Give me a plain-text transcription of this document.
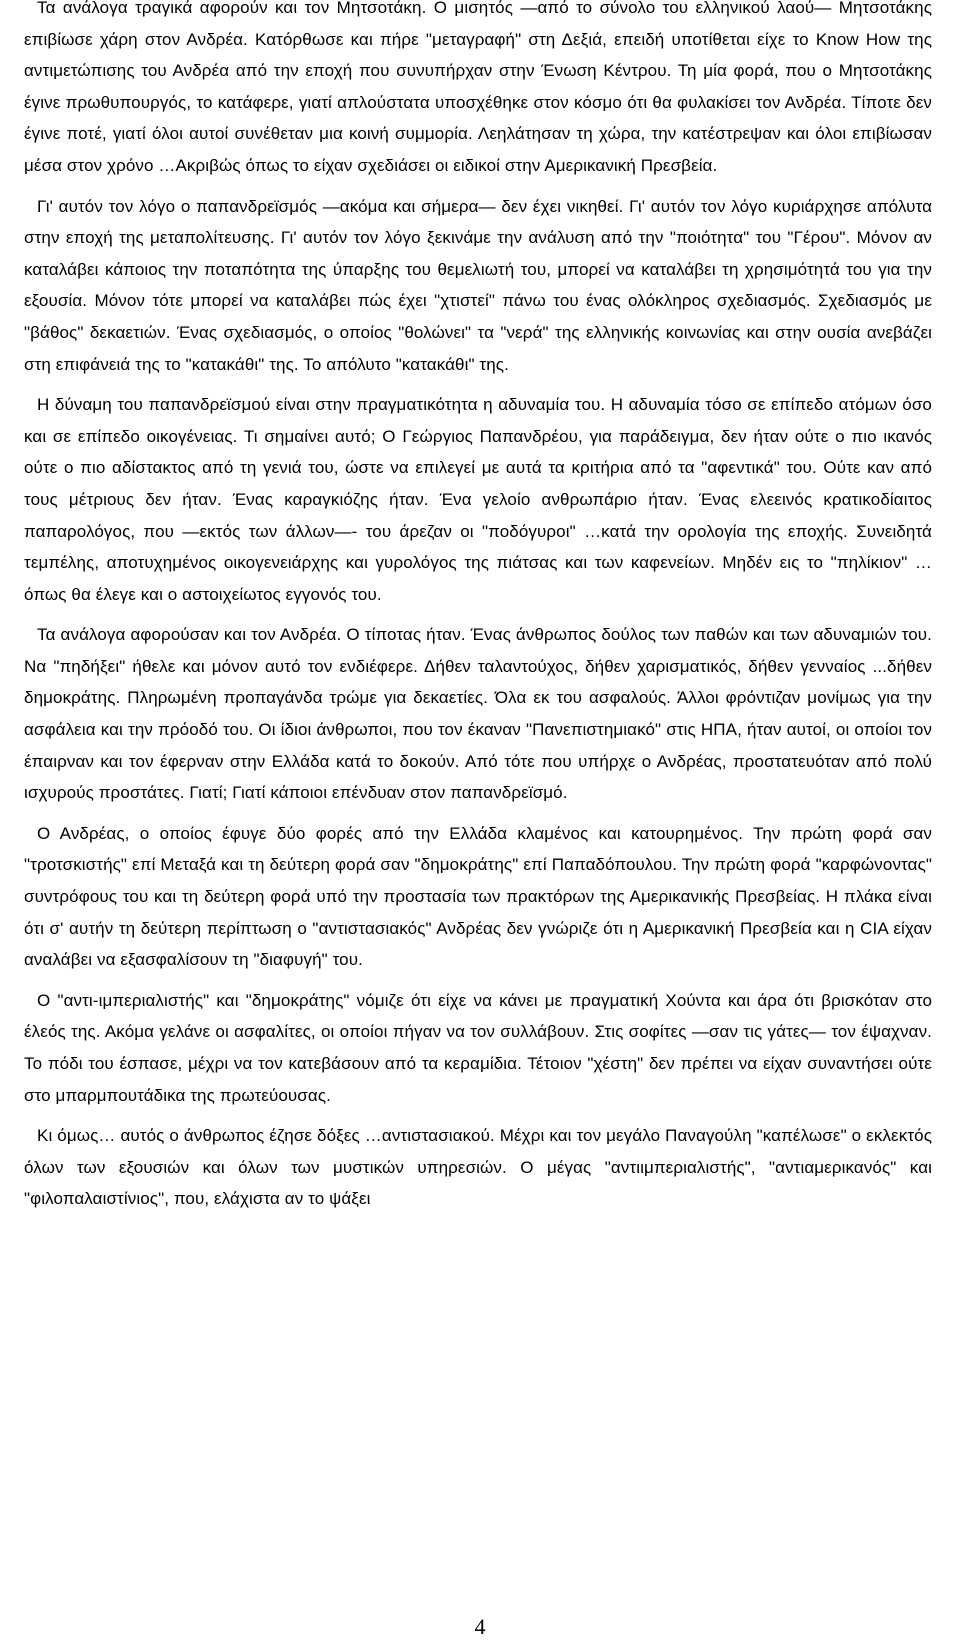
Τα ανάλογα τραγικά αφορούν και τον Μητσοτάκη. Ο μισητός —από το σύνολο του ελληνικού λαού— Μητσοτάκης επιβίωσε χάρη στον Ανδρέα. Κατόρθωσε και πήρε "μεταγραφή" στη Δεξιά, επειδή υποτίθεται είχε το Know How της αντιμετώπισης του Ανδρέα από την εποχή που συνυπήρχαν στην Ένωση Κέντρου. Τη μία φορά, που ο Μητσοτάκης έγινε πρωθυπουργός, το κατάφερε, γιατί απλούστατα υποσχέθηκε στον κόσμο ότι θα φυλακίσει τον Ανδρέα. Τίποτε δεν έγινε ποτέ, γιατί όλοι αυτοί συνέθεταν μια κοινή συμμορία. Λεηλάτησαν τη χώρα, την κατέστρεψαν και όλοι επιβίωσαν μέσα στον χρόνο …Ακριβώς όπως το είχαν σχεδιάσει οι ειδικοί στην Αμερικανική Πρεσβεία.

Γι' αυτόν τον λόγο ο παπανδρεϊσμός —ακόμα και σήμερα— δεν έχει νικηθεί. Γι' αυτόν τον λόγο κυριάρχησε απόλυτα στην εποχή της μεταπολίτευσης. Γι' αυτόν τον λόγο ξεκινάμε την ανάλυση από την "ποιότητα" του "Γέρου". Μόνον αν καταλάβει κάποιος την ποταπότητα της ύπαρξης του θεμελιωτή του, μπορεί να καταλάβει τη χρησιμότητά του για την εξουσία. Μόνον τότε μπορεί να καταλάβει πώς έχει "χτιστεί" πάνω του ένας ολόκληρος σχεδιασμός. Σχεδιασμός με "βάθος" δεκαετιών. Ένας σχεδιασμός, ο οποίος "θολώνει" τα "νερά" της ελληνικής κοινωνίας και στην ουσία ανεβάζει στη επιφάνειά της το "κατακάθι" της. Το απόλυτο "κατακάθι" της.

Η δύναμη του παπανδρεϊσμού είναι στην πραγματικότητα η αδυναμία του. Η αδυναμία τόσο σε επίπεδο ατόμων όσο και σε επίπεδο οικογένειας. Τι σημαίνει αυτό; Ο Γεώργιος Παπανδρέου, για παράδειγμα, δεν ήταν ούτε ο πιο ικανός ούτε ο πιο αδίστακτος από τη γενιά του, ώστε να επιλεγεί με αυτά τα κριτήρια από τα "αφεντικά" του. Ούτε καν από τους μέτριους δεν ήταν. Ένας καραγκιόζης ήταν. Ένα γελοίο ανθρωπάριο ήταν. Ένας ελεεινός κρατικοδίαιτος παπαρολόγος, που —εκτός των άλλων—- του άρεζαν οι "ποδόγυροι" …κατά την ορολογία της εποχής. Συνειδητά τεμπέλης, αποτυχημένος οικογενειάρχης και γυρολόγος της πιάτσας και των καφενείων. Μηδέν εις το "πηλίκιον" …όπως θα έλεγε και ο αστοιχείωτος εγγονός του.

Τα ανάλογα αφορούσαν και τον Ανδρέα. Ο τίποτας ήταν. Ένας άνθρωπος δούλος των παθών και των αδυναμιών του. Να "πηδήξει" ήθελε και μόνον αυτό τον ενδιέφερε. Δήθεν ταλαντούχος, δήθεν χαρισματικός, δήθεν γενναίος ...δήθεν δημοκράτης. Πληρωμένη προπαγάνδα τρώμε για δεκαετίες. Όλα εκ του ασφαλούς. Άλλοι φρόντιζαν μονίμως για την ασφάλεια και την πρόοδό του. Οι ίδιοι άνθρωποι, που τον έκαναν "Πανεπιστημιακό" στις ΗΠΑ, ήταν αυτοί, οι οποίοι τον έπαιρναν και τον έφερναν στην Ελλάδα κατά το δοκούν. Από τότε που υπήρχε ο Ανδρέας, προστατευόταν από πολύ ισχυρούς προστάτες. Γιατί; Γιατί κάποιοι επένδυαν στον παπανδρεϊσμό.

Ο Ανδρέας, ο οποίος έφυγε δύο φορές από την Ελλάδα κλαμένος και κατουρημένος. Την πρώτη φορά σαν "τροτσκιστής" επί Μεταξά και τη δεύτερη φορά σαν "δημοκράτης" επί Παπαδόπουλου. Την πρώτη φορά "καρφώνοντας" συντρόφους του και τη δεύτερη φορά υπό την προστασία των πρακτόρων της Αμερικανικής Πρεσβείας. Η πλάκα είναι ότι σ' αυτήν τη δεύτερη περίπτωση ο "αντιστασιακός" Ανδρέας δεν γνώριζε ότι η Αμερικανική Πρεσβεία και η CIA είχαν αναλάβει να εξασφαλίσουν τη "διαφυγή" του.

Ο "αντι-ιμπεριαλιστής" και "δημοκράτης" νόμιζε ότι είχε να κάνει με πραγματική Χούντα και άρα ότι βρισκόταν στο έλεός της. Ακόμα γελάνε οι ασφαλίτες, οι οποίοι πήγαν να τον συλλάβουν. Στις σοφίτες —σαν τις γάτες— τον έψαχναν. Το πόδι του έσπασε, μέχρι να τον κατεβάσουν από τα κεραμίδια. Τέτοιον "χέστη" δεν πρέπει να είχαν συναντήσει ούτε στο μπαρμπουτάδικα της πρωτεύουσας.

Κι όμως… αυτός ο άνθρωπος έζησε δόξες …αντιστασιακού. Μέχρι και τον μεγάλο Παναγούλη "καπέλωσε" ο εκλεκτός όλων των εξουσιών και όλων των μυστικών υπηρεσιών. Ο μέγας "αντιιμπεριαλιστής", "αντιαμερικανός" και "φιλοπαλαιστίνιος", που, ελάχιστα αν το ψάξει

4
